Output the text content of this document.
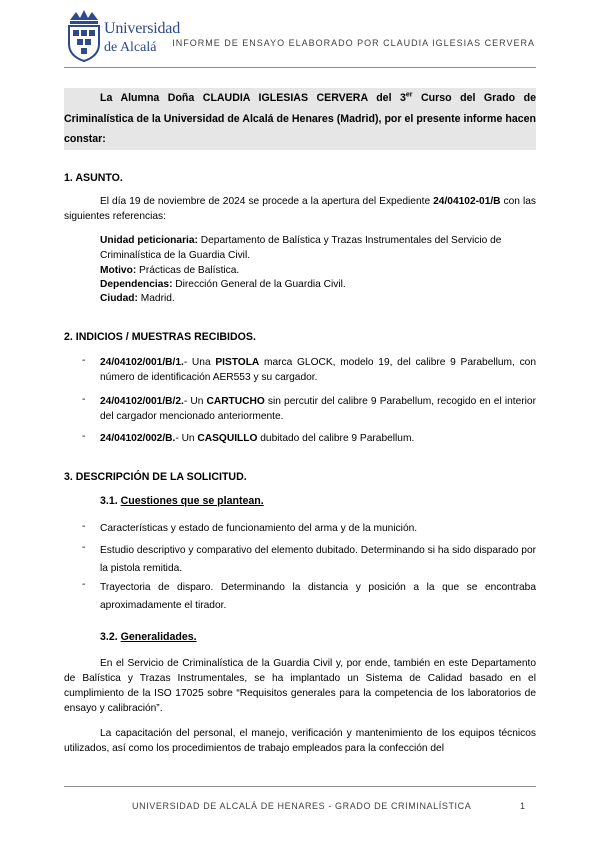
Universidad
de Alcalá INFORME DE ENSAYO ELABORADO POR CLAUDIA IGLESIAS CERVERA
La Alumna Doña CLAUDIA IGLESIAS CERVERA del 3er Curso del Grado de Criminalística de la Universidad de Alcalá de Henares (Madrid), por el presente informe hacen constar:
1. ASUNTO.
El día 19 de noviembre de 2024 se procede a la apertura del Expediente 24/04102-01/B con las siguientes referencias:
Unidad peticionaria: Departamento de Balística y Trazas Instrumentales del Servicio de Criminalística de la Guardia Civil.
Motivo: Prácticas de Balística.
Dependencias: Dirección General de la Guardia Civil.
Ciudad: Madrid.
2. INDICIOS / MUESTRAS RECIBIDOS.
- 24/04102/001/B/1.- Una PISTOLA marca GLOCK, modelo 19, del calibre 9 Parabellum, con número de identificación AER553 y su cargador.
- 24/04102/001/B/2.- Un CARTUCHO sin percutir del calibre 9 Parabellum, recogido en el interior del cargador mencionado anteriormente.
- 24/04102/002/B.- Un CASQUILLO dubitado del calibre 9 Parabellum.
3. DESCRIPCIÓN DE LA SOLICITUD.
3.1. Cuestiones que se plantean.
- Características y estado de funcionamiento del arma y de la munición.
- Estudio descriptivo y comparativo del elemento dubitado. Determinando si ha sido disparado por la pistola remitida.
- Trayectoria de disparo. Determinando la distancia y posición a la que se encontraba aproximadamente el tirador.
3.2. Generalidades.
En el Servicio de Criminalística de la Guardia Civil y, por ende, también en este Departamento de Balística y Trazas Instrumentales, se ha implantado un Sistema de Calidad basado en el cumplimiento de la ISO 17025 sobre “Requisitos generales para la competencia de los laboratorios de ensayo y calibración”.
La capacitación del personal, el manejo, verificación y mantenimiento de los equipos técnicos utilizados, así como los procedimientos de trabajo empleados para la confección del
UNIVERSIDAD DE ALCALÁ DE HENARES - GRADO DE CRIMINALÍSTICA	1
